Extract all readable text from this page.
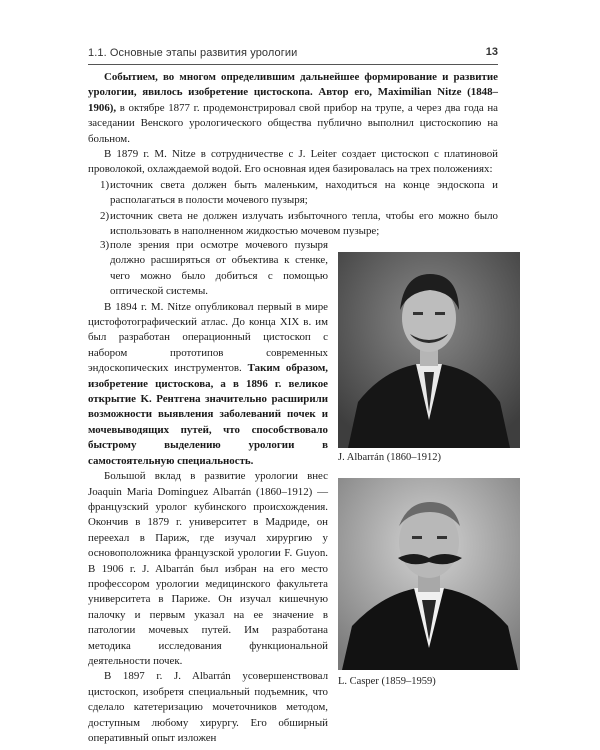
1.1. Основные этапы развития урологии	13

Событием, во многом определившим дальнейшее формирование и развитие урологии, явилось изобретение цистоскопа. Автор его, Maximilian Nitze (1848–1906), в октябре 1877 г. продемонстрировал свой прибор на трупе, а через два года на заседании Венского урологического общества публично выполнил цистоскопию на больном.

В 1879 г. M. Nitze в сотрудничестве с J. Leiter создает цистоскоп с платиновой проволокой, охлаждаемой водой. Его основная идея базировалась на трех положениях:

1) источник света должен быть маленьким, находиться на конце эндоскопа и располагаться в полости мочевого пузыря;
2) источник света не должен излучать избыточного тепла, чтобы его можно было использовать в наполненном жидкостью мочевом пузыре;
3) поле зрения при осмотре мочевого пузыря должно расширяться от объектива к стенке, чего можно было добиться с помощью оптической системы.

В 1894 г. M. Nitze опубликовал первый в мире цистофотографический атлас. До конца XIX в. им был разработан операционный цистоскоп с набором прототипов современных эндоскопических инструментов. Таким образом, изобретение цистоскова, а в 1896 г. великое открытие K. Рентгена значительно расширили возможности выявления заболеваний почек и мочевыводящих путей, что способствовало быстрому выделению урологии в самостоятельную специальность.

Большой вклад в развитие урологии внес Joaquin Maria Dominguez Albarrán (1860–1912) — французский уролог кубинского происхождения. Окончив в 1879 г. университет в Мадриде, он переехал в Париж, где изучал хирургию у основоположника французской урологии F. Guyon. В 1906 г. J. Albarrán был избран на его место профессором урологии медицинского факультета университета в Париже. Он изучал кишечную палочку и первым указал на ее значение в патологии мочевых путей. Им разработана методика исследования функциональной деятельности почек.

В 1897 г. J. Albarrán усовершенствовал цистоскоп, изобретя специальный подъемник, что сделало катетеризацию мочеточников методом, доступным любому хирургу. Его обширный оперативный опыт изложен

J. Albarrán (1860–1912)
L. Casper (1859–1959)
